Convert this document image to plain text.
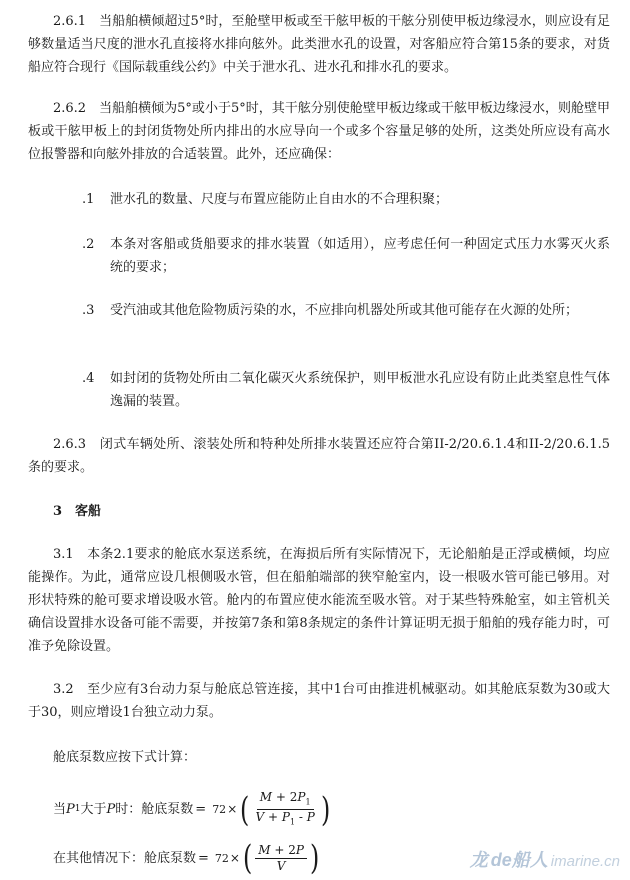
2.6.1　当船舶横倾超过5°时，至舱壁甲板或至干舷甲板的干舷分别使甲板边缘浸水，则应设有足够数量适当尺度的泄水孔直接将水排向舷外。此类泄水孔的设置，对客船应符合第15条的要求，对货船应符合现行《国际载重线公约》中关于泄水孔、进水孔和排水孔的要求。

2.6.2　当船舶横倾为5°或小于5°时，其干舷分别使舱壁甲板边缘或干舷甲板边缘浸水，则舱壁甲板或干舷甲板上的封闭货物处所内排出的水应导向一个或多个容量足够的处所，这类处所应设有高水位报警器和向舷外排放的合适装置。此外，还应确保：

.1	泄水孔的数量、尺度与布置应能防止自由水的不合理积聚；
.2	本条对客船或货船要求的排水装置（如适用），应考虑任何一种固定式压力水雾灭火系统的要求；
.3	受汽油或其他危险物质污染的水，不应排向机器处所或其他可能存在火源的处所；
.4	如封闭的货物处所由二氧化碳灭火系统保护，则甲板泄水孔应设有防止此类窒息性气体逸漏的装置。

2.6.3　闭式车辆处所、滚装处所和特种处所排水装置还应符合第II-2/20.6.1.4和II-2/20.6.1.5条的要求。

3　客船

3.1　本条2.1要求的舱底水泵送系统，在海损后所有实际情况下，无论船舶是正浮或横倾，均应能操作。为此，通常应设几根侧吸水管，但在船舶端部的狭窄舱室内，设一根吸水管可能已够用。对形状特殊的舱可要求增设吸水管。舱内的布置应使水能流至吸水管。对于某些特殊舱室，如主管机关确信设置排水设备可能不需要，并按第7条和第8条规定的条件计算证明无损于船舶的残存能力时，可准予免除设置。

3.2　至少应有3台动力泵与舱底总管连接，其中1台可由推进机械驱动。如其舱底泵数为30或大于30，则应增设1台独立动力泵。

舱底泵数应按下式计算：

当 P 1 大于 P 时：舱底泵数 = 72 × ( $\frac{M + 2P_1}{V + P_1 - P}$ )
在其他情况下：舱底泵数 = 72 × ( $\frac{M + 2P}{V}$ )	龙 de船人 imarine.cn
